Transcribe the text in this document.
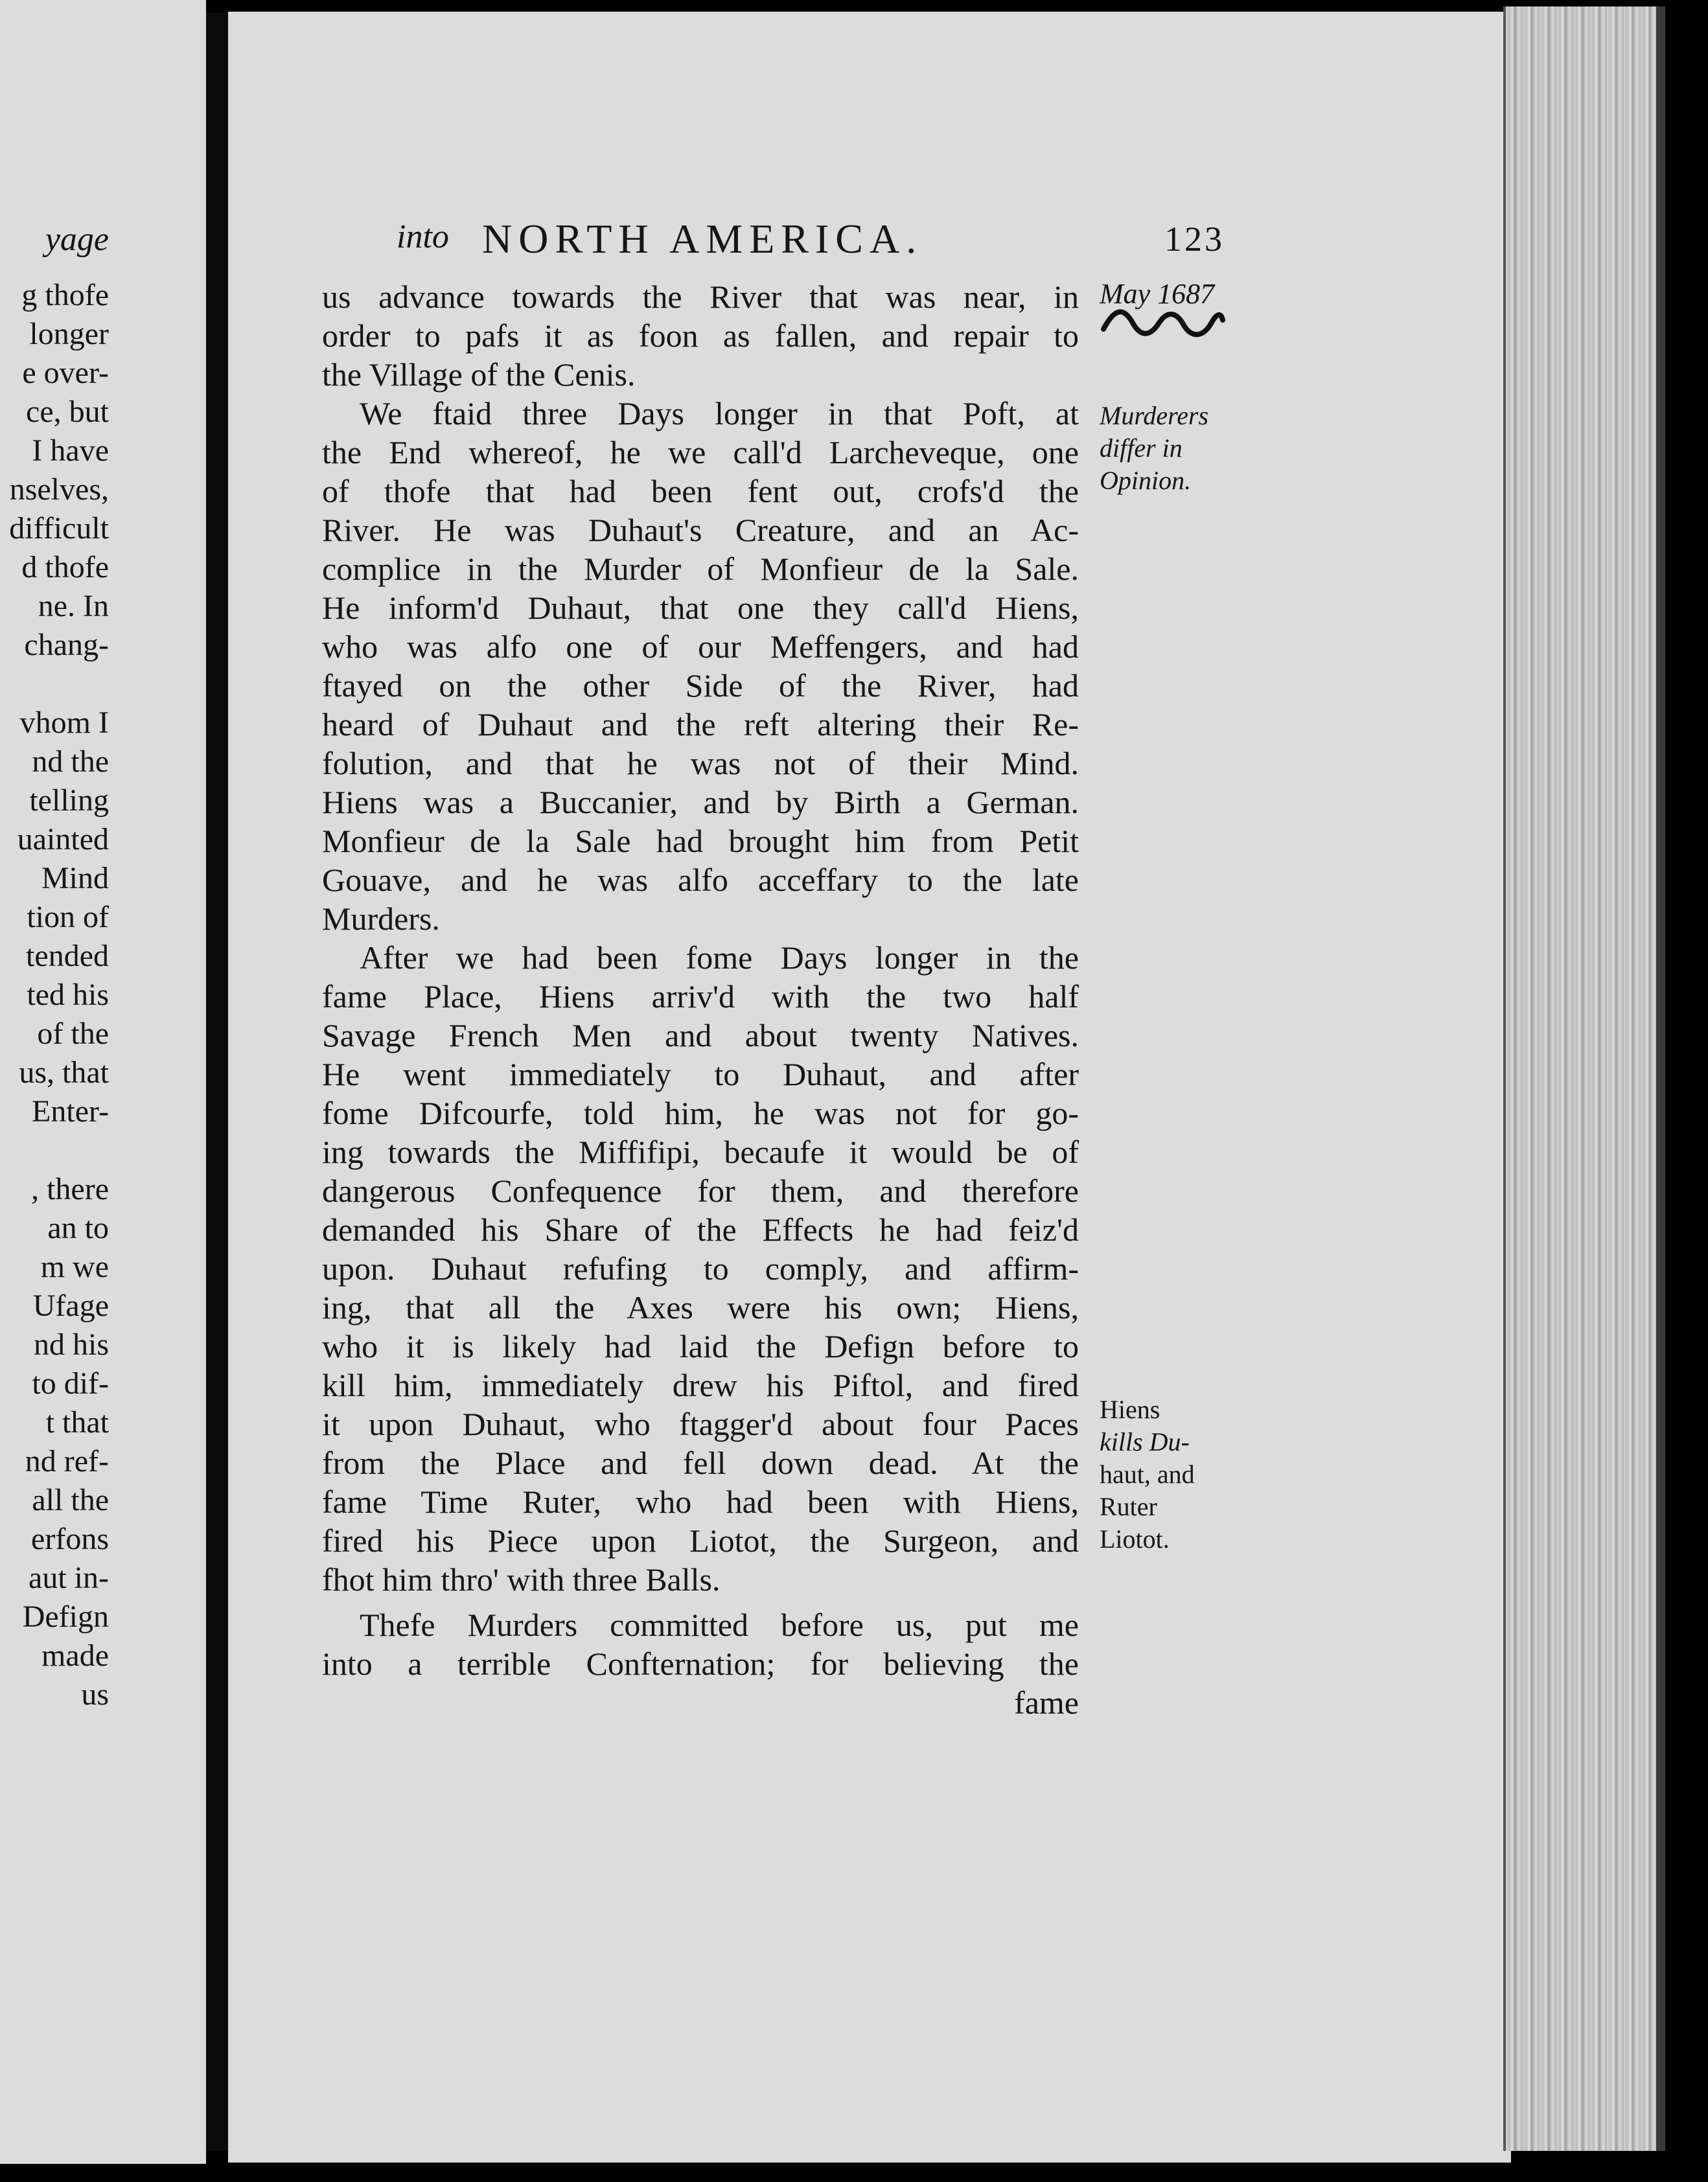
yage
g thofe
longer
e over-
ce, but
I have
nselves,
difficult
d thofe
ne. In
chang-
vhom I
nd the
telling
uainted
Mind
tion of
tended
ted his
of the
us, that
Enter-
, there
an to
m we
Ufage
nd his
to dif-
t that
nd ref-
all the
erfons
aut in-
Defign
made
us
into NORTH AMERICA.	123
May 1687
Murderers
differ in
Opinion.
Hiens
kills Du-
haut, and
Ruter
Liotot.
us advance towards the River that was near, in
order to pafs it as foon as fallen, and repair to
the Village of the Cenis.
We ftaid three Days longer in that Poft, at
the End whereof, he we call'd Larcheveque, one
of thofe that had been fent out, crofs'd the
River. He was Duhaut's Creature, and an Ac-
complice in the Murder of Monfieur de la Sale.
He inform'd Duhaut, that one they call'd Hiens,
who was alfo one of our Meffengers, and had
ftayed on the other Side of the River, had
heard of Duhaut and the reft altering their Re-
folution, and that he was not of their Mind.
Hiens was a Buccanier, and by Birth a German.
Monfieur de la Sale had brought him from Petit
Gouave, and he was alfo acceffary to the late
Murders.
After we had been fome Days longer in the
fame Place, Hiens arriv'd with the two half
Savage French Men and about twenty Natives.
He went immediately to Duhaut, and after
fome Difcourfe, told him, he was not for go-
ing towards the Miffifipi, becaufe it would be of
dangerous Confequence for them, and therefore
demanded his Share of the Effects he had feiz'd
upon. Duhaut refufing to comply, and affirm-
ing, that all the Axes were his own; Hiens,
who it is likely had laid the Defign before to
kill him, immediately drew his Piftol, and fired
it upon Duhaut, who ftagger'd about four Paces
from the Place and fell down dead. At the
fame Time Ruter, who had been with Hiens,
fired his Piece upon Liotot, the Surgeon, and
fhot him thro' with three Balls.
Thefe Murders committed before us, put me
into a terrible Confternation; for believing the
fame
